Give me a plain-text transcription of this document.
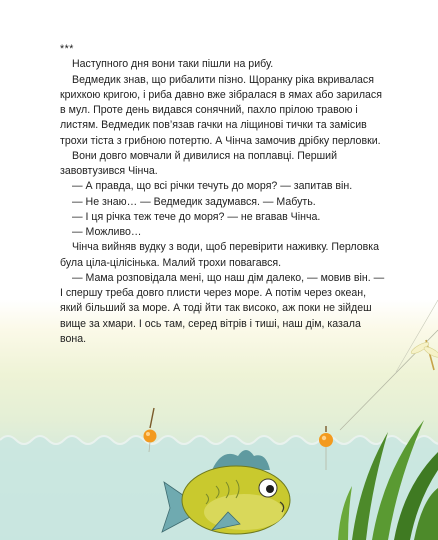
***

Наступного дня вони таки пішли на рибу.

Ведмедик знав, що рибалити пізно. Щоранку ріка вкривалася крихкою кригою, і риба давно вже зібралася в ямах або зарилася в мул. Проте день видався сонячний, пахло прілою травою і листям. Ведмедик пов’язав гачки на ліщинові тички та замісив трохи тіста з грибною потертю. А Чінча замочив дрібку перловки.

Вони довго мовчали й дивилися на поплавці. Перший завовтузився Чінча.

— А правда, що всі річки течуть до моря? — запитав він.

— Не знаю… — Ведмедик задумався. — Мабуть.

— І ця річка теж тече до моря? — не вгавав Чінча.

— Можливо…

Чінча вийняв вудку з води, щоб перевірити наживку. Перловка була ціла-цілісінька. Малий трохи повагався.

— Мама розповідала мені, що наш дім далеко, — мовив він. — І спершу треба довго плисти через море. А потім через океан, який більший за море. А тоді йти так високо, аж поки не зійдеш вище за хмари. І ось там, серед вітрів і тиші, наш дім, казала вона.
